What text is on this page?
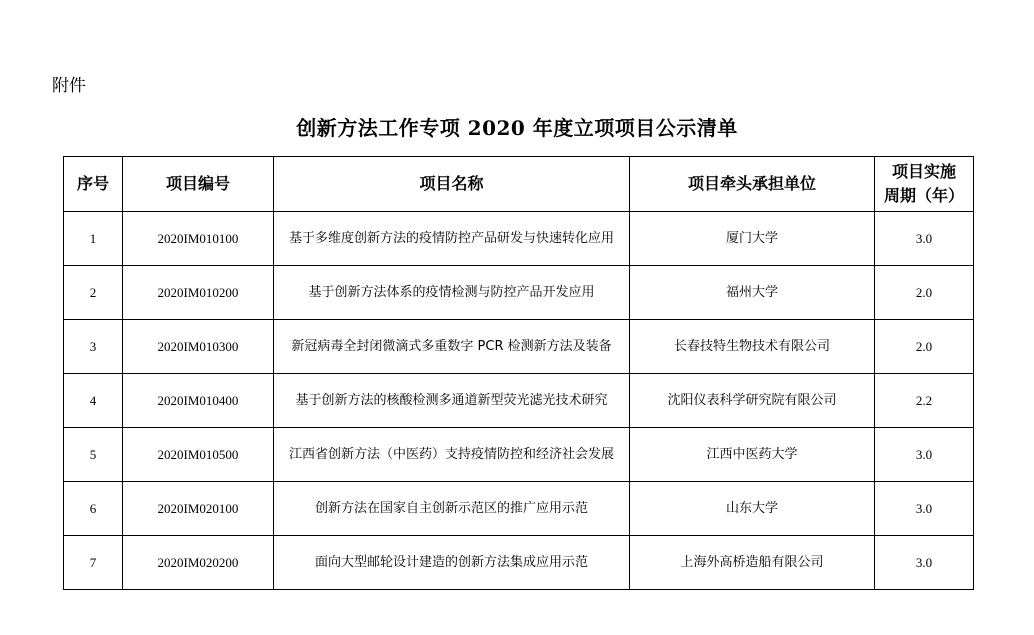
附件
创新方法工作专项 2020 年度立项项目公示清单
序号	项目编号	项目名称	项目牵头承担单位	项目实施
周期（年）

1	2020IM010100	基于多维度创新方法的疫情防控产品研发与快速转化应用	厦门大学	3.0
2	2020IM010200	基于创新方法体系的疫情检测与防控产品开发应用	福州大学	2.0
3	2020IM010300	新冠病毒全封闭微滴式多重数字 PCR 检测新方法及装备	长春技特生物技术有限公司	2.0
4	2020IM010400	基于创新方法的核酸检测多通道新型荧光滤光技术研究	沈阳仪表科学研究院有限公司	2.2
5	2020IM010500	江西省创新方法（中医药）支持疫情防控和经济社会发展	江西中医药大学	3.0
6	2020IM020100	创新方法在国家自主创新示范区的推广应用示范	山东大学	3.0
7	2020IM020200	面向大型邮轮设计建造的创新方法集成应用示范	上海外高桥造船有限公司	3.0
